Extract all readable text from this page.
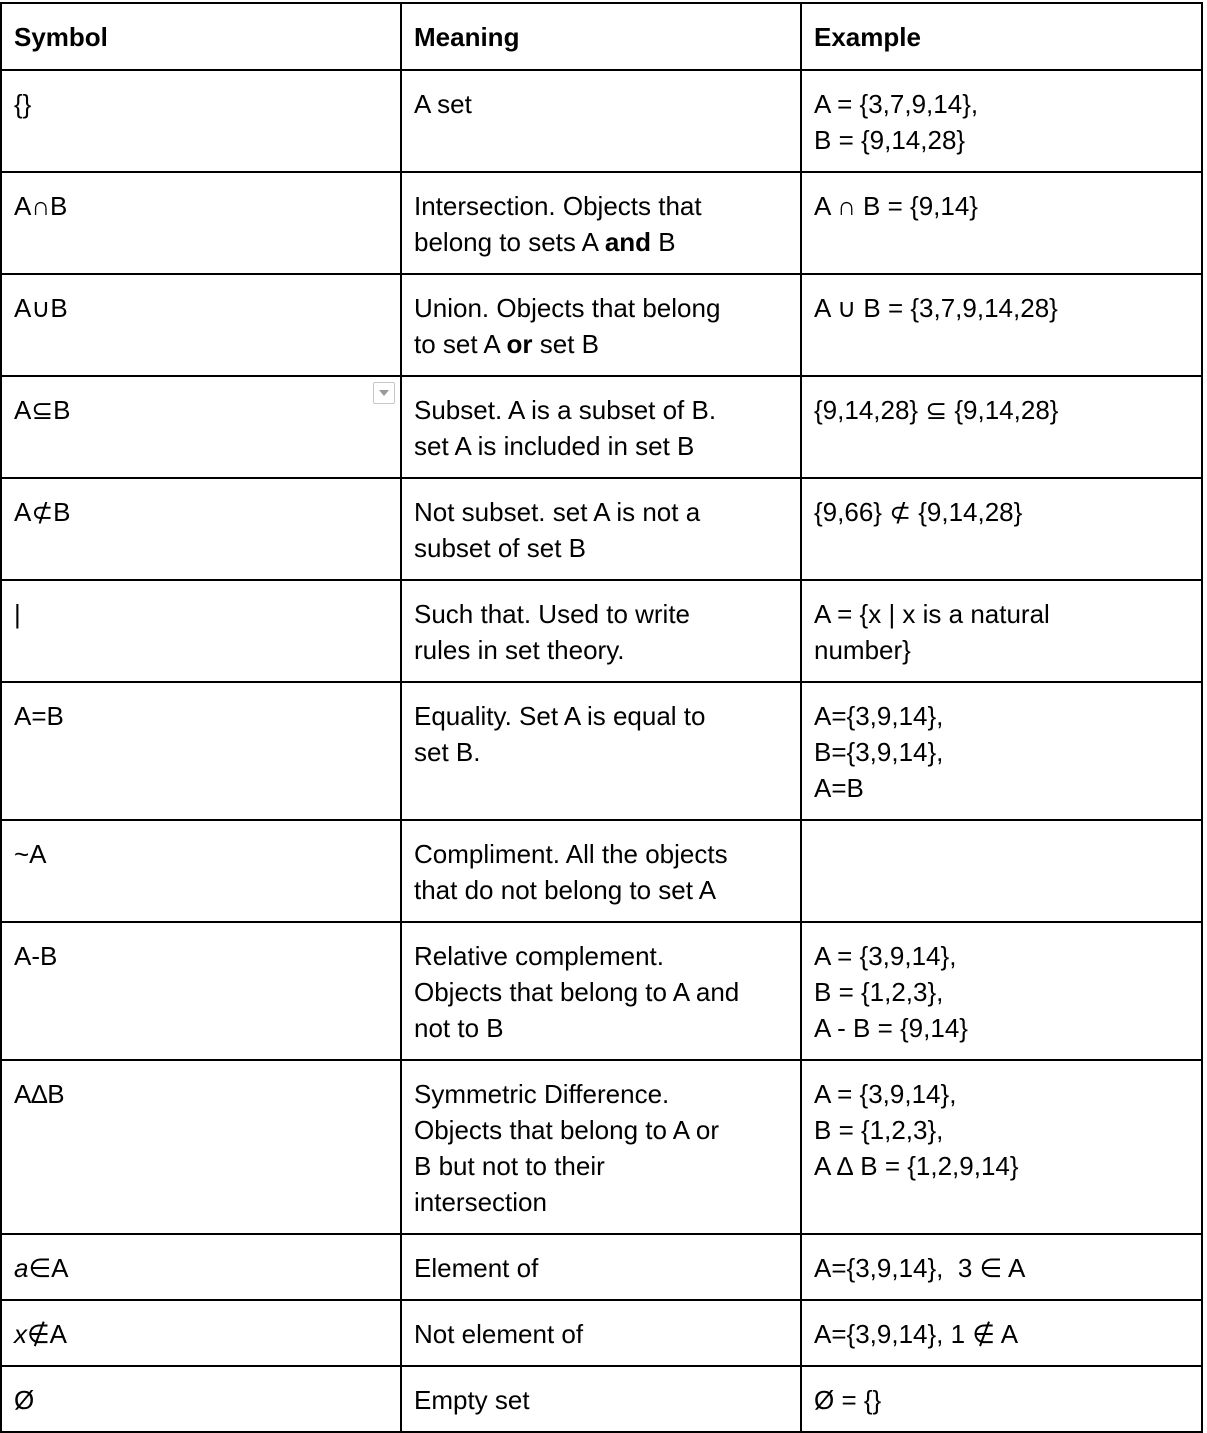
Symbol	Meaning	Example
{}	A set	A = {3,7,9,14},
B = {9,14,28}

A∩B	Intersection. Objects that
belong to sets A and B	A ∩ B = {9,14}

A∪B	Union. Objects that belong
to set A or set B	A ∪ B = {3,7,9,14,28}

A⊆B	Subset. A is a subset of B.
set A is included in set B	{9,14,28} ⊆ {9,14,28}

A⊄B	Not subset. set A is not a
subset of set B	{9,66} ⊄ {9,14,28}

|	Such that. Used to write
rules in set theory.	A = {x | x is a natural
number}

A=B	Equality. Set A is equal to
set B.	A={3,9,14},
B={3,9,14},
A=B

~A	Compliment. All the objects
that do not belong to set A	

A-B	Relative complement.
Objects that belong to A and
not to B	A = {3,9,14},
B = {1,2,3},
A - B = {9,14}

A∆B	Symmetric Difference.
Objects that belong to A or
B but not to their
intersection	A = {3,9,14},
B = {1,2,3},
A ∆ B = {1,2,9,14}

a∈A	Element of	A={3,9,14},  3 ∈ A

x∉A	Not element of	A={3,9,14}, 1 ∉ A

Ø	Empty set	Ø = {}
